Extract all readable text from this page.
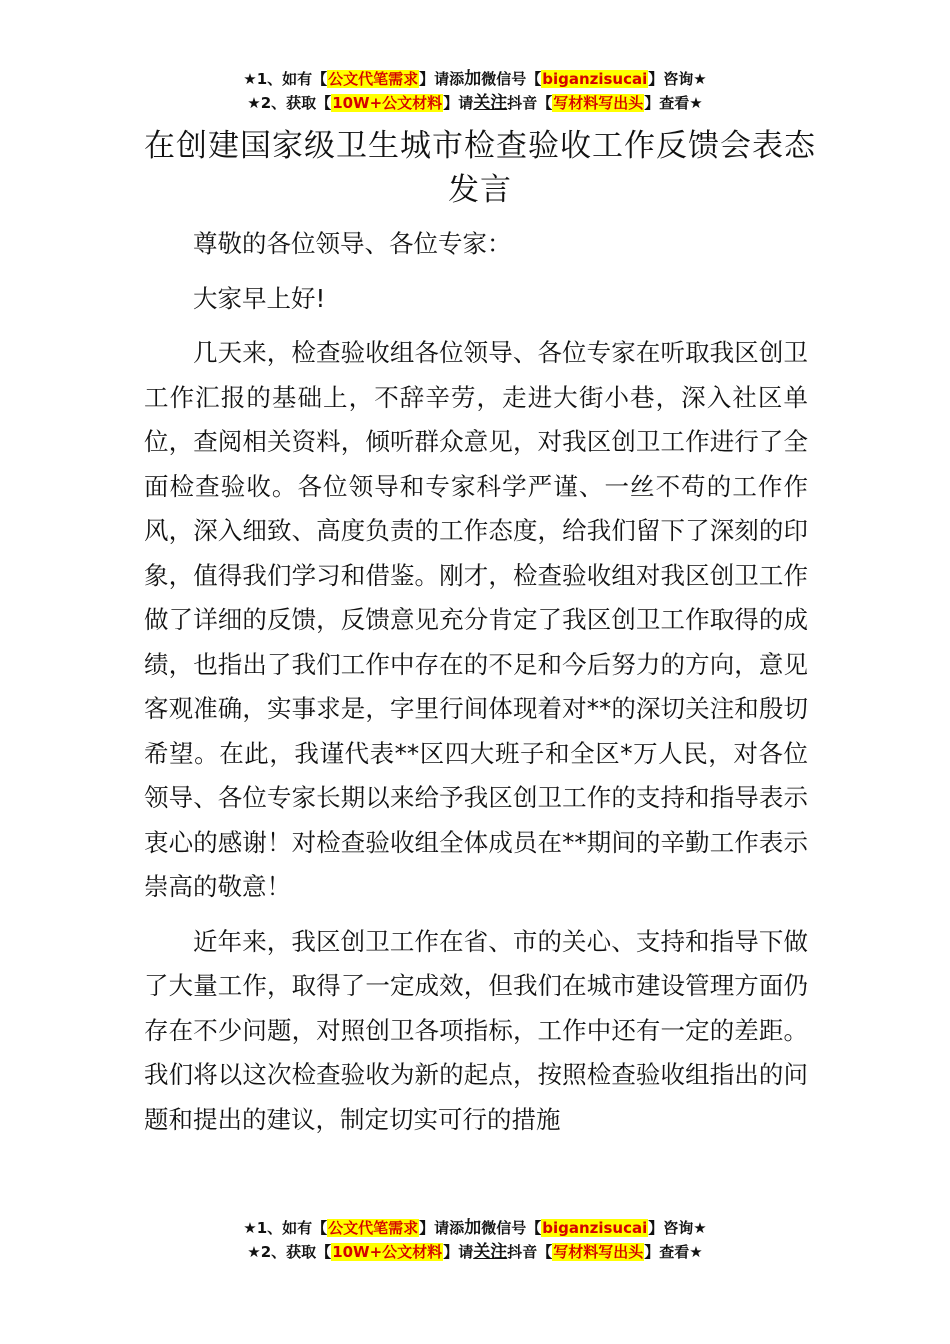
★1、如有【公文代笔需求】请添加微信号【biganzisucai】咨询★
★2、获取【10W+公文材料】请关注抖音【写材料写出头】查看★
在创建国家级卫生城市检查验收工作反馈会表态发言

尊敬的各位领导、各位专家：

大家早上好!

几天来，检查验收组各位领导、各位专家在听取我区创卫工作汇报的基础上，不辞辛劳，走进大街小巷，深入社区单位，查阅相关资料，倾听群众意见，对我区创卫工作进行了全面检查验收。各位领导和专家科学严谨、一丝不苟的工作作风，深入细致、高度负责的工作态度，给我们留下了深刻的印象，值得我们学习和借鉴。刚才，检查验收组对我区创卫工作做了详细的反馈，反馈意见充分肯定了我区创卫工作取得的成绩，也指出了我们工作中存在的不足和今后努力的方向，意见客观准确，实事求是，字里行间体现着对**的深切关注和殷切希望。在此，我谨代表**区四大班子和全区*万人民，对各位领导、各位专家长期以来给予我区创卫工作的支持和指导表示衷心的感谢！对检查验收组全体成员在**期间的辛勤工作表示崇高的敬意！

近年来，我区创卫工作在省、市的关心、支持和指导下做了大量工作，取得了一定成效，但我们在城市建设管理方面仍存在不少问题，对照创卫各项指标，工作中还有一定的差距。我们将以这次检查验收为新的起点，按照检查验收组指出的问题和提出的建议，制定切实可行的措施

★1、如有【公文代笔需求】请添加微信号【biganzisucai】咨询★
★2、获取【10W+公文材料】请关注抖音【写材料写出头】查看★
